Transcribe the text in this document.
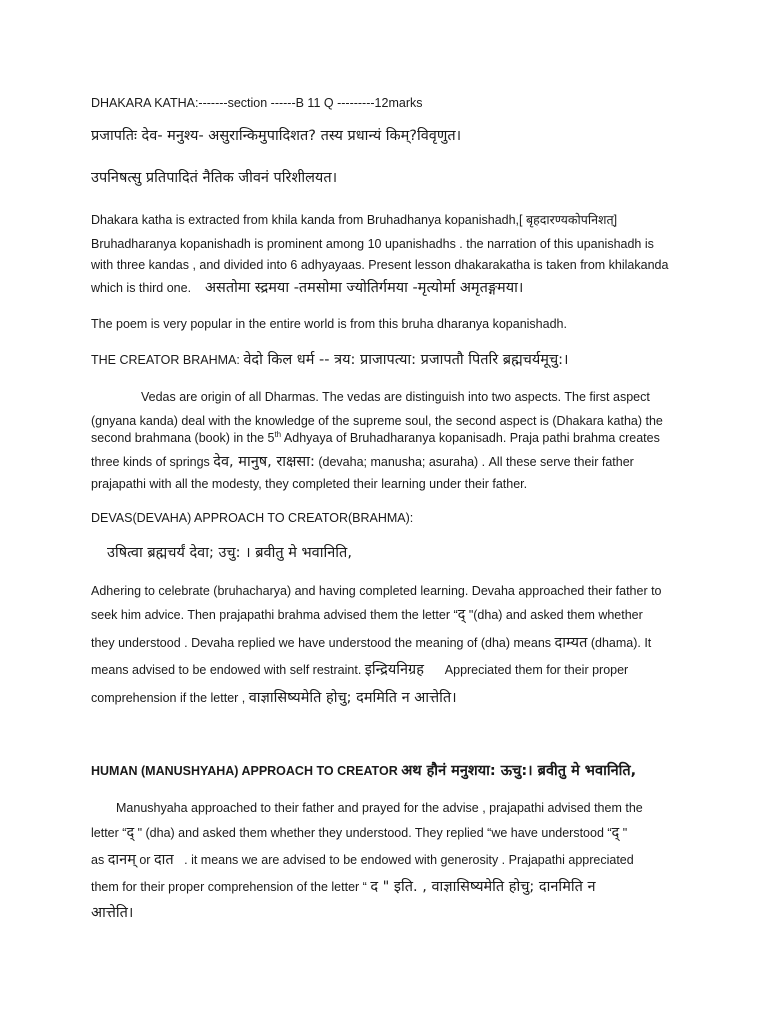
DHAKARA KATHA:-------section ------B 11 Q ---------12marks
प्रजापतिः देव- मनुश्य- असुरान्किमुपादिशत? तस्य प्रधान्यं किम्?विवृणुत।
उपनिषत्सु प्रतिपादितं नैतिक जीवनं परिशीलयत।
Dhakara katha is extracted from khila kanda from Bruhadhanya kopanishadh,[ बृहदारण्यकोपनिशत्]
Bruhadharanya kopanishadh is prominent among 10 upanishadhs . the narration of this upanishadh is
with three kandas , and divided into 6 adhyayaas. Present lesson dhakarakatha is taken from khilakanda
which is third one. असतोमा स्द्रमया -तमसोमा ज्योतिर्गमया -मृत्योर्मा अमृतङ्गमया।
The poem is very popular in the entire world is from this bruha dharanya kopanishadh.
THE CREATOR BRAHMA: वेदो किल धर्म -- त्रय: प्राजापत्या: प्रजापतौ पितरि ब्रह्मचर्यमूचु:।
Vedas are origin of all Dharmas. The vedas are distinguish into two aspects. The first aspect
(gnyana kanda) deal with the knowledge of the supreme soul, the second aspect is (Dhakara katha) the
second brahmana (book) in the 5th Adhyaya of Bruhadharanya kopanisadh. Praja pathi brahma creates
three kinds of springs देव, मानुष, राक्षसा: (devaha; manusha; asuraha) . All these serve their father
prajapathi with all the modesty, they completed their learning under their father.
DEVAS(DEVAHA) APPROACH TO CREATOR(BRAHMA):
उषित्वा ब्रह्मचर्यं देवा; उचु: । ब्रवीतु मे भवानिति,
Adhering to celebrate (bruhacharya) and having completed learning. Devaha approached their father to
seek him advice. Then prajapathi brahma advised them the letter “द् "(dha) and asked them whether
they understood . Devaha replied we have understood the meaning of (dha) means दाम्यत (dhama). It
means advised to be endowed with self restraint. इन्द्रियनिग्रह Appreciated them for their proper
comprehension if the letter , वाज्ञासिष्यमेति होचु; दममिति न आत्तेति।
HUMAN (MANUSHYAHA) APPROACH TO CREATOR अथ हौनं मनुशया: ऊचु:। ब्रवीतु मे भवानिति,
Manushyaha approached to their father and prayed for the advise , prajapathi advised them the
letter “द् " (dha) and asked them whether they understood. They replied “we have understood “द् "
as दानम् or दात . it means we are advised to be endowed with generosity . Prajapathi appreciated
them for their proper comprehension of the letter “ द " इति. , वाज्ञासिष्यमेति होचु; दानमिति न
आत्तेति।
